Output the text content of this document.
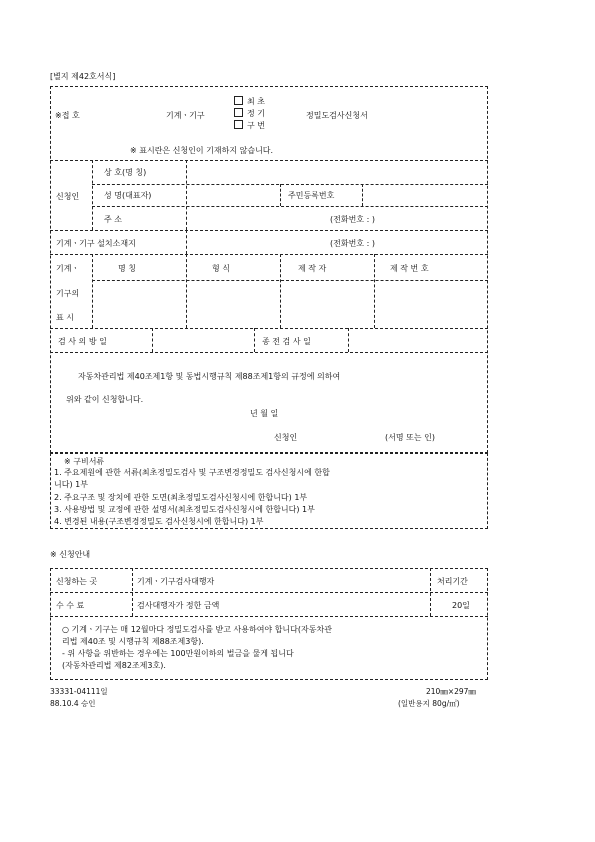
[별지 제42호서식]
※접 호	기계ㆍ기구
최 초
정 기
구 번
정밀도검사신청서
※ 표시란은 신청인이 기재하지 않습니다.
신청인
상 호(명 칭)
성 명(대표자)	주민등록번호
주 소	(전화번호 : )
기계ㆍ기구 설치소재지	(전화번호 : )
기계ㆍ
기구의
표 시
명 칭	형 식	제 작 자	제 작 번 호
검 사 의 방 일	종 전 검 사 일
자동차관리법 제40조제1항 및 동법시행규칙 제88조제1항의 규정에 의하여
위와 같이 신청합니다.
년 월 일
신청인	(서명 또는 인)
※ 구비서류
1. 주요제원에 관한 서류(최초정밀도검사 및 구조변경정밀도 검사신청시에 한합
니다) 1부
2. 주요구조 및 장치에 관한 도면(최초정밀도검사신청시에 한합니다) 1부
3. 사용방법 및 교정에 관한 설명서(최초정밀도검사신청시에 한합니다) 1부
4. 변경된 내용(구조변경정밀도 검사신청시에 한합니다) 1부
※ 신청안내
신청하는 곳	기계ㆍ기구검사대행자	처리기간
수 수 료	검사대행자가 정한 금액	20일
○ 기계ㆍ기구는 매 12월마다 정밀도검사를 받고 사용하여야 합니다(자동차관
리법 제40조 및 시행규칙 제88조제3항).
- 위 사항을 위반하는 경우에는 100만원이하의 벌금을 물게 됩니다
(자동차관리법 제82조제3호).
33331-04111일
88.10.4 승인
210㎜×297㎜
(일반용지 80g/㎡)
